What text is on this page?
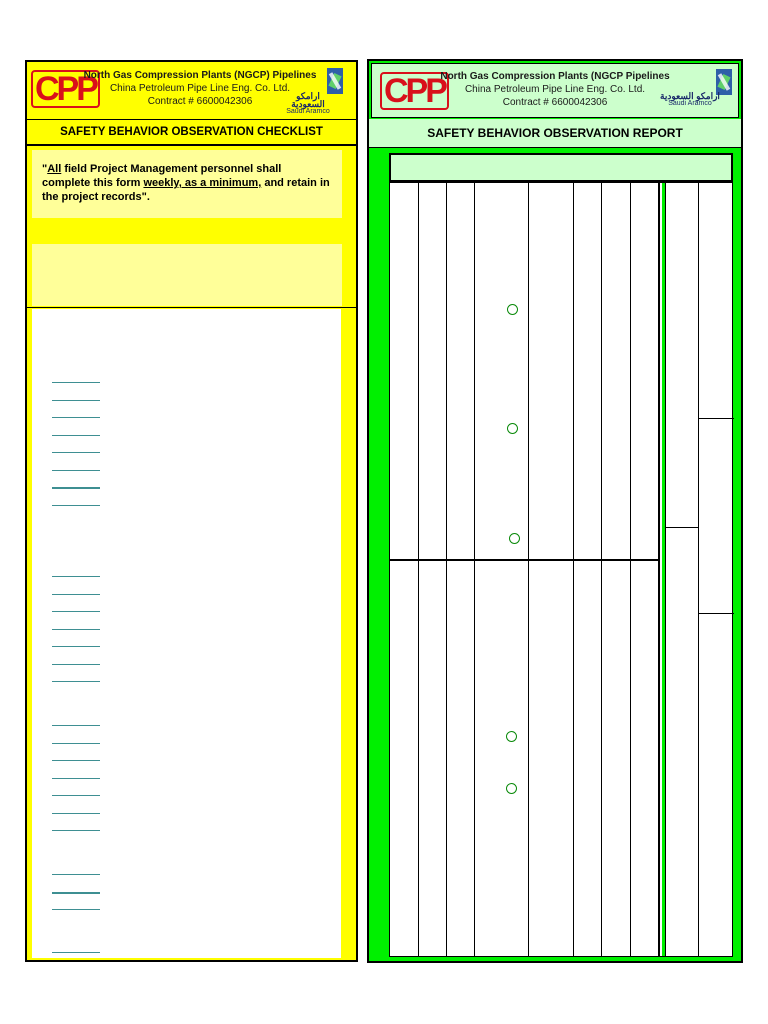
CPP
North Gas Compression Plants (NGCP) Pipelines
China Petroleum Pipe Line Eng. Co. Ltd.
Contract # 6600042306	ارامكو السعودية
Saudi Aramco
SAFETY BEHAVIOR OBSERVATION CHECKLIST
"All field Project Management personnel shall complete this form weekly, as a minimum, and retain in the project records".
CPP
North Gas Compression Plants (NGCP Pipelines
China Petroleum Pipe Line Eng. Co. Ltd.
Contract # 6600042306
ارامكو السعودية
Saudi Aramco
SAFETY BEHAVIOR OBSERVATION REPORT
